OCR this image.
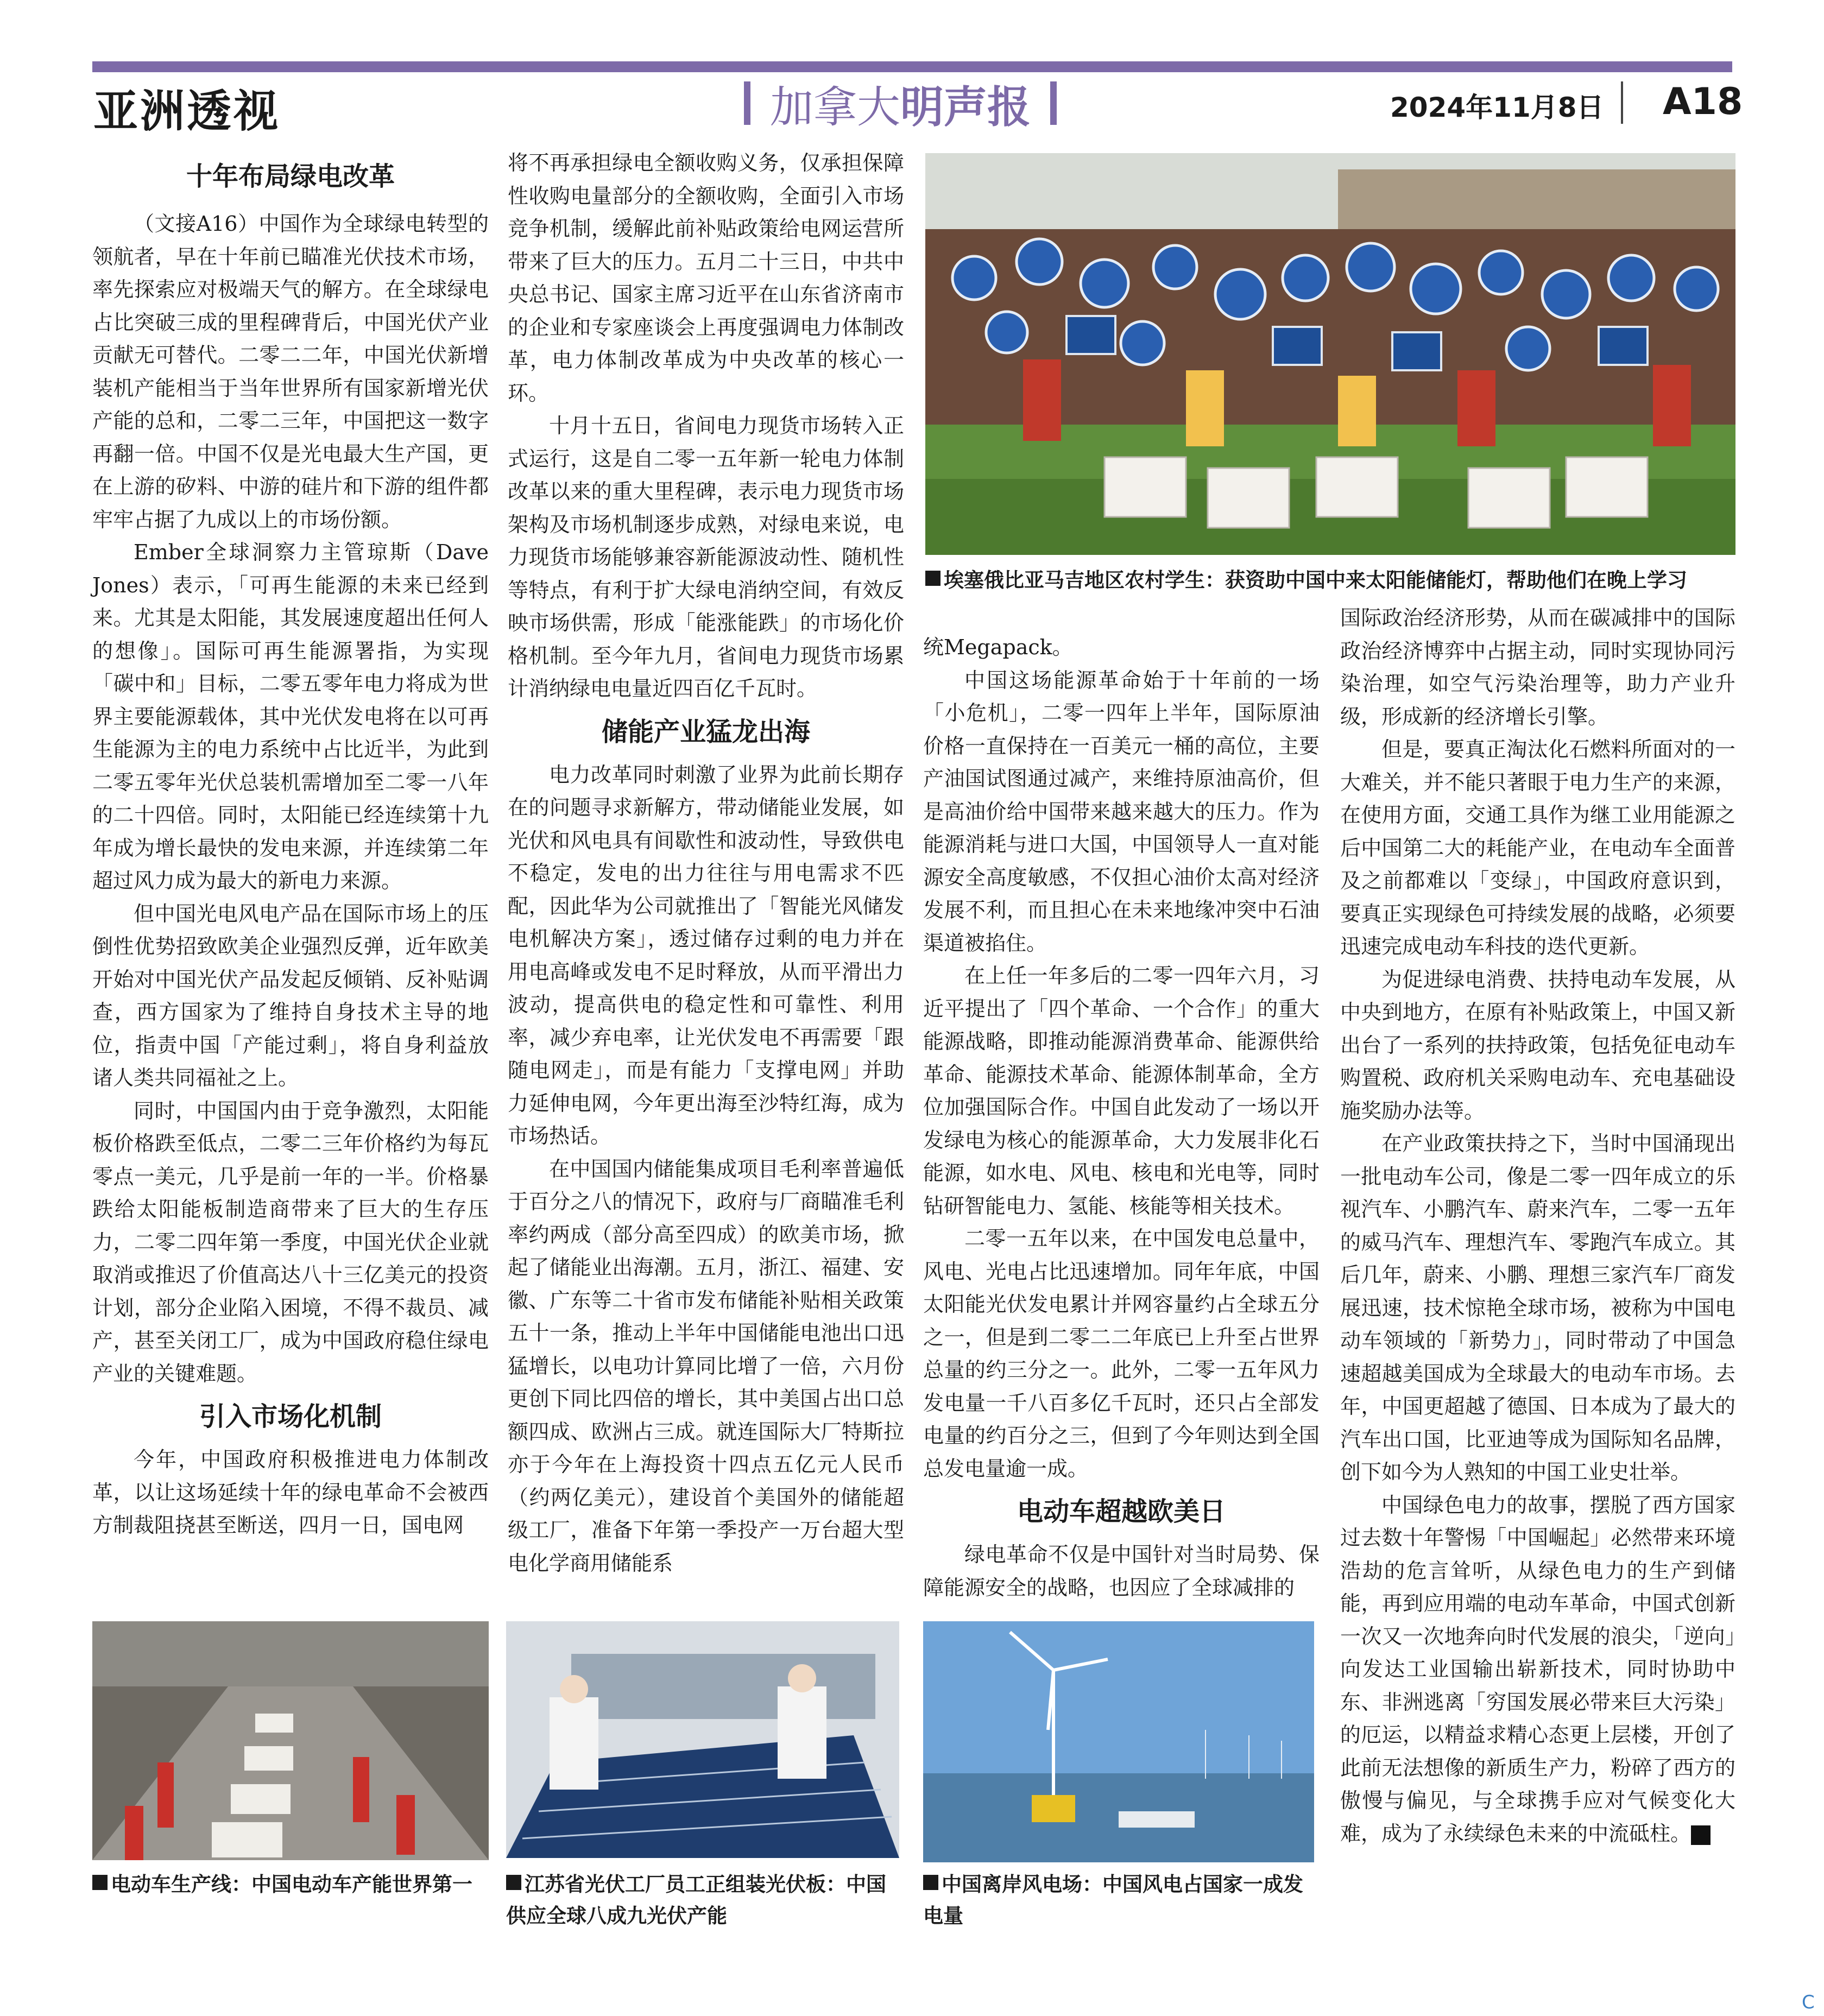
亚洲透视	加拿大明声报	2024年11月8日 A18
埃塞俄比亚马吉地区农村学生：获资助中国中来太阳能储能灯，帮助他们在晚上学习
十年布局绿电改革

（文接A16）中国作为全球绿电转型的领航者，早在十年前已瞄准光伏技术市场，率先探索应对极端天气的解方。在全球绿电占比突破三成的里程碑背后，中国光伏产业贡献无可替代。二零二二年，中国光伏新增装机产能相当于当年世界所有国家新增光伏产能的总和，二零二三年，中国把这一数字再翻一倍。中国不仅是光电最大生产国，更在上游的矽料、中游的硅片和下游的组件都牢牢占据了九成以上的市场份额。

Ember全球洞察力主管琼斯（Dave Jones）表示，「可再生能源的未来已经到来。尤其是太阳能，其发展速度超出任何人的想像」。国际可再生能源署指，为实现「碳中和」目标，二零五零年电力将成为世界主要能源载体，其中光伏发电将在以可再生能源为主的电力系统中占比近半，为此到二零五零年光伏总装机需增加至二零一八年的二十四倍。同时，太阳能已经连续第十九年成为增长最快的发电来源，并连续第二年超过风力成为最大的新电力来源。

但中国光电风电产品在国际市场上的压倒性优势招致欧美企业强烈反弹，近年欧美开始对中国光伏产品发起反倾销、反补贴调查，西方国家为了维持自身技术主导的地位，指责中国「产能过剩」，将自身利益放诸人类共同福祉之上。

同时，中国国内由于竞争激烈，太阳能板价格跌至低点，二零二三年价格约为每瓦零点一美元，几乎是前一年的一半。价格暴跌给太阳能板制造商带来了巨大的生存压力，二零二四年第一季度，中国光伏企业就取消或推迟了价值高达八十三亿美元的投资计划，部分企业陷入困境，不得不裁员、减产，甚至关闭工厂，成为中国政府稳住绿电产业的关键难题。

引入市场化机制

今年，中国政府积极推进电力体制改革，以让这场延续十年的绿电革命不会被西方制裁阻挠甚至断送，四月一日，国电网

将不再承担绿电全额收购义务，仅承担保障性收购电量部分的全额收购，全面引入市场竞争机制，缓解此前补贴政策给电网运营所带来了巨大的压力。五月二十三日，中共中央总书记、国家主席习近平在山东省济南市的企业和专家座谈会上再度强调电力体制改革，电力体制改革成为中央改革的核心一环。

十月十五日，省间电力现货市场转入正式运行，这是自二零一五年新一轮电力体制改革以来的重大里程碑，表示电力现货市场架构及市场机制逐步成熟，对绿电来说，电力现货市场能够兼容新能源波动性、随机性等特点，有利于扩大绿电消纳空间，有效反映市场供需，形成「能涨能跌」的市场化价格机制。至今年九月，省间电力现货市场累计消纳绿电电量近四百亿千瓦时。

储能产业猛龙出海

电力改革同时刺激了业界为此前长期存在的问题寻求新解方，带动储能业发展，如光伏和风电具有间歇性和波动性，导致供电不稳定，发电的出力往往与用电需求不匹配，因此华为公司就推出了「智能光风储发电机解决方案」，透过储存过剩的电力并在用电高峰或发电不足时释放，从而平滑出力波动，提高供电的稳定性和可靠性、利用率，减少弃电率，让光伏发电不再需要「跟随电网走」，而是有能力「支撑电网」并助力延伸电网，今年更出海至沙特红海，成为市场热话。

在中国国内储能集成项目毛利率普遍低于百分之八的情况下，政府与厂商瞄准毛利率约两成（部分高至四成）的欧美市场，掀起了储能业出海潮。五月，浙江、福建、安徽、广东等二十省市发布储能补贴相关政策五十一条，推动上半年中国储能电池出口迅猛增长，以电功计算同比增了一倍，六月份更创下同比四倍的增长，其中美国占出口总额四成、欧洲占三成。就连国际大厂特斯拉亦于今年在上海投资十四点五亿元人民币（约两亿美元），建设首个美国外的储能超级工厂，准备下年第一季投产一万台超大型电化学商用储能系

统Megapack。

中国这场能源革命始于十年前的一场「小危机」，二零一四年上半年，国际原油价格一直保持在一百美元一桶的高位，主要产油国试图通过减产，来维持原油高价，但是高油价给中国带来越来越大的压力。作为能源消耗与进口大国，中国领导人一直对能源安全高度敏感，不仅担心油价太高对经济发展不利，而且担心在未来地缘冲突中石油渠道被掐住。

在上任一年多后的二零一四年六月，习近平提出了「四个革命、一个合作」的重大能源战略，即推动能源消费革命、能源供给革命、能源技术革命、能源体制革命，全方位加强国际合作。中国自此发动了一场以开发绿电为核心的能源革命，大力发展非化石能源，如水电、风电、核电和光电等，同时钻研智能电力、氢能、核能等相关技术。

二零一五年以来，在中国发电总量中，风电、光电占比迅速增加。同年年底，中国太阳能光伏发电累计并网容量约占全球五分之一，但是到二零二二年底已上升至占世界总量的约三分之一。此外，二零一五年风力发电量一千八百多亿千瓦时，还只占全部发电量的约百分之三，但到了今年则达到全国总发电量逾一成。

电动车超越欧美日

绿电革命不仅是中国针对当时局势、保障能源安全的战略，也因应了全球减排的

国际政治经济形势，从而在碳减排中的国际政治经济博弈中占据主动，同时实现协同污染治理，如空气污染治理等，助力产业升级，形成新的经济增长引擎。

但是，要真正淘汰化石燃料所面对的一大难关，并不能只著眼于电力生产的来源，在使用方面，交通工具作为继工业用能源之后中国第二大的耗能产业，在电动车全面普及之前都难以「变绿」，中国政府意识到，要真正实现绿色可持续发展的战略，必须要迅速完成电动车科技的迭代更新。

为促进绿电消费、扶持电动车发展，从中央到地方，在原有补贴政策上，中国又新出台了一系列的扶持政策，包括免征电动车购置税、政府机关采购电动车、充电基础设施奖励办法等。

在产业政策扶持之下，当时中国涌现出一批电动车公司，像是二零一四年成立的乐视汽车、小鹏汽车、蔚来汽车，二零一五年的威马汽车、理想汽车、零跑汽车成立。其后几年，蔚来、小鹏、理想三家汽车厂商发展迅速，技术惊艳全球市场，被称为中国电动车领域的「新势力」，同时带动了中国急速超越美国成为全球最大的电动车市场。去年，中国更超越了德国、日本成为了最大的汽车出口国，比亚迪等成为国际知名品牌，创下如今为人熟知的中国工业史壮举。

中国绿色电力的故事，摆脱了西方国家过去数十年警惕「中国崛起」必然带来环境浩劫的危言耸听，从绿色电力的生产到储能，再到应用端的电动车革命，中国式创新一次又一次地奔向时代发展的浪尖，「逆向」向发达工业国输出崭新技术，同时协助中东、非洲逃离「穷国发展必带来巨大污染」的厄运，以精益求精心态更上层楼，开创了此前无法想像的新质生产力，粉碎了西方的傲慢与偏见，与全球携手应对气候变化大难，成为了永续绿色未来的中流砥柱。

电动车生产线：中国电动车产能世界第一	江苏省光伏工厂员工正组装光伏板：中国供应全球八成九光伏产能
中国离岸风电场：中国风电占国家一成发电量
C
